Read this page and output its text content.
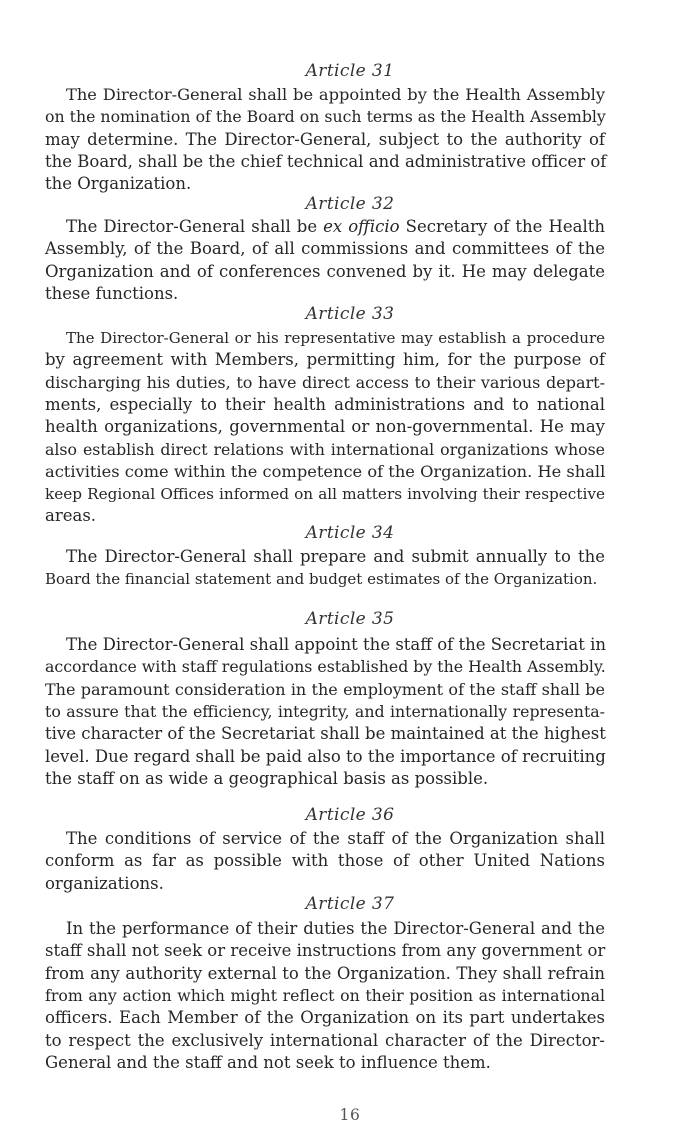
Article 31
The Director-General shall be appointed by the Health Assembly
on the nomination of the Board on such terms as the Health Assembly
may determine. The Director-General, subject to the authority of
the Board, shall be the chief technical and administrative officer of
the Organization.
Article 32
The Director-General shall be ex officio Secretary of the Health
Assembly, of the Board, of all commissions and committees of the
Organization and of conferences convened by it. He may delegate
these functions.
Article 33
The Director-General or his representative may establish a procedure
by agreement with Members, permitting him, for the purpose of
discharging his duties, to have direct access to their various depart-
ments, especially to their health administrations and to national
health organizations, governmental or non-governmental. He may
also establish direct relations with international organizations whose
activities come within the competence of the Organization. He shall
keep Regional Offices informed on all matters involving their respective
areas.
Article 34
The Director-General shall prepare and submit annually to the
Board the financial statement and budget estimates of the Organization.
Article 35
The Director-General shall appoint the staff of the Secretariat in
accordance with staff regulations established by the Health Assembly.
The paramount consideration in the employment of the staff shall be
to assure that the efficiency, integrity, and internationally representa-
tive character of the Secretariat shall be maintained at the highest
level. Due regard shall be paid also to the importance of recruiting
the staff on as wide a geographical basis as possible.
Article 36
The conditions of service of the staff of the Organization shall
conform as far as possible with those of other United Nations
organizations.
Article 37
In the performance of their duties the Director-General and the
staff shall not seek or receive instructions from any government or
from any authority external to the Organization. They shall refrain
from any action which might reflect on their position as international
officers. Each Member of the Organization on its part undertakes
to respect the exclusively international character of the Director-
General and the staff and not seek to influence them.
16
